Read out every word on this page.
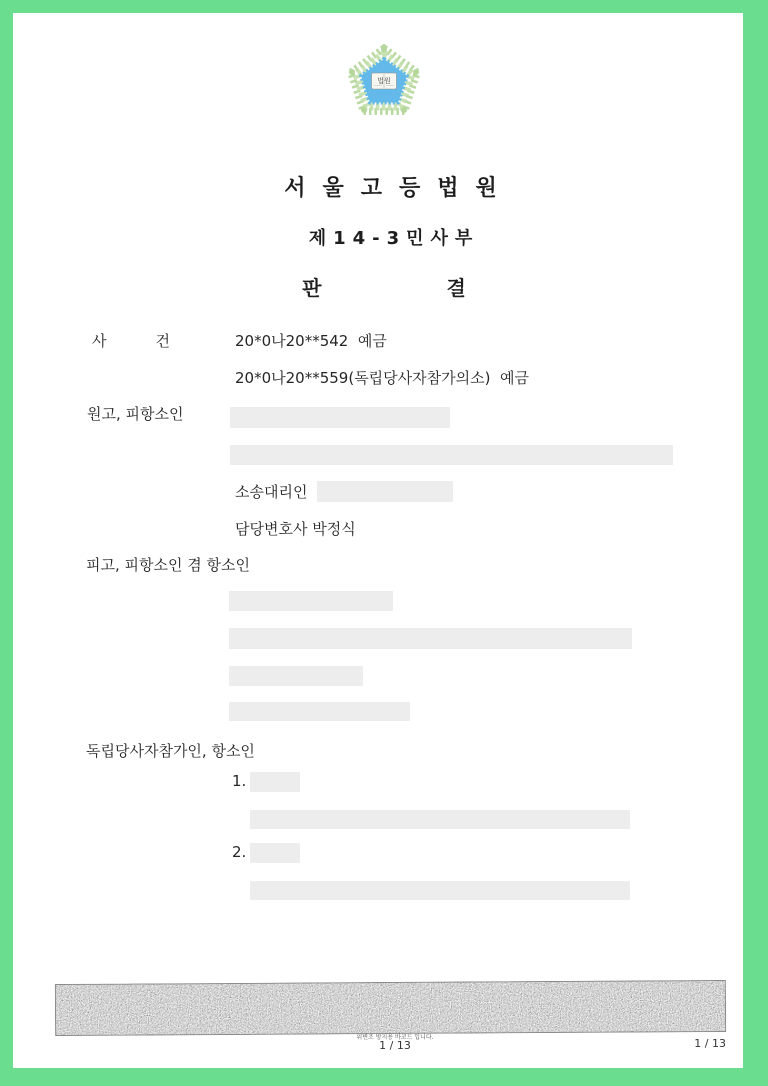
법원
서울고등법원
제14-3민사부
판	결
사	건	20*0나20**542  예금
20*0나20**559(독립당사자참가의소)  예금
원고, 피항소인
소송대리인
담당변호사 박정식
피고, 피항소인 겸 항소인
독립당사자참가인, 항소인
1.
2.
위변조 방지용 바코드 입니다.
1 / 13	1 / 13
